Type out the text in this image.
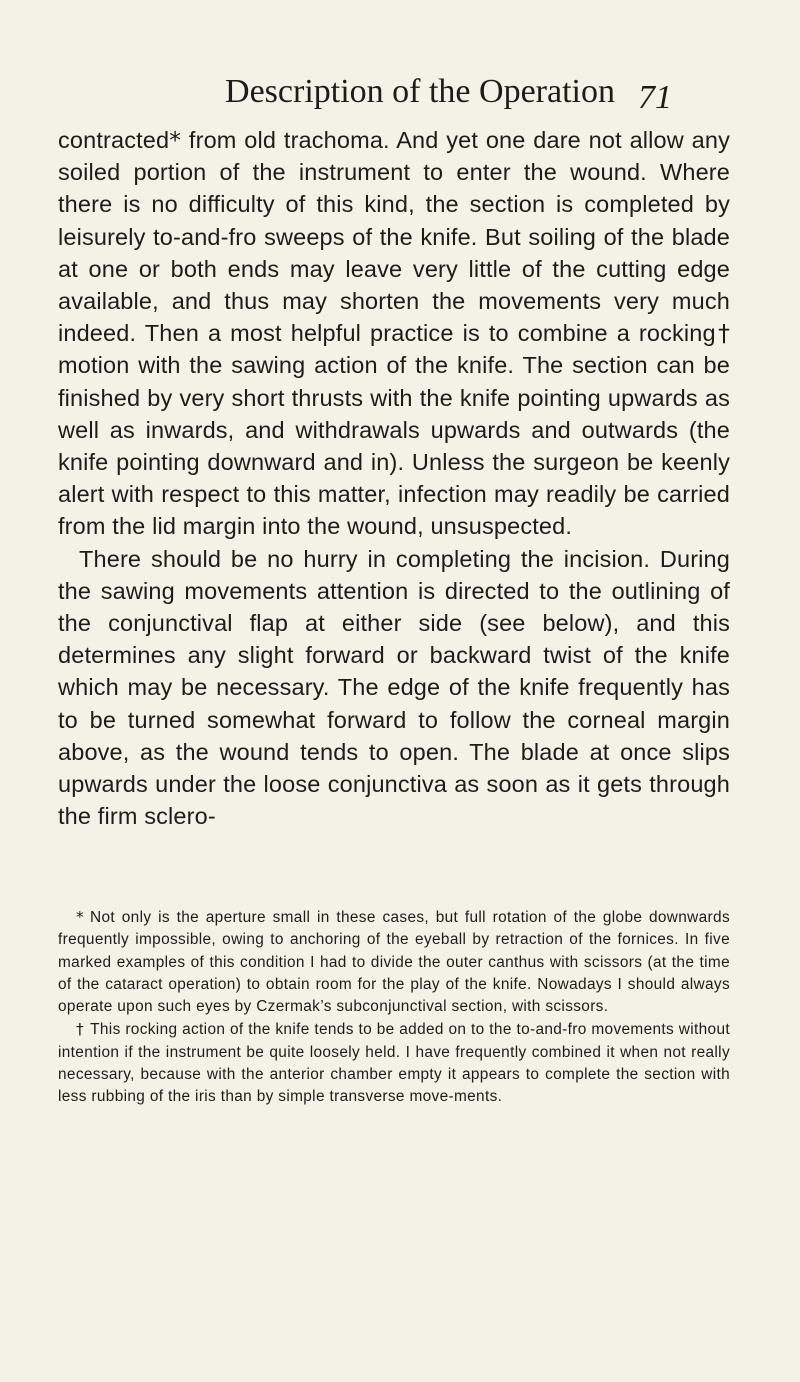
Description of the Operation 71

contracted* from old trachoma. And yet one dare not allow any soiled portion of the instrument to enter the wound. Where there is no difficulty of this kind, the section is completed by leisurely to-and-fro sweeps of the knife. But soiling of the blade at one or both ends may leave very little of the cutting edge available, and thus may shorten the movements very much indeed. Then a most helpful practice is to combine a rocking† motion with the sawing action of the knife. The section can be finished by very short thrusts with the knife pointing upwards as well as inwards, and withdrawals upwards and outwards (the knife pointing downward and in). Unless the surgeon be keenly alert with respect to this matter, infection may readily be carried from the lid margin into the wound, unsuspected.

There should be no hurry in completing the incision. During the sawing movements attention is directed to the outlining of the conjunctival flap at either side (see below), and this determines any slight forward or backward twist of the knife which may be necessary. The edge of the knife frequently has to be turned somewhat forward to follow the corneal margin above, as the wound tends to open. The blade at once slips upwards under the loose conjunctiva as soon as it gets through the firm sclero-

* Not only is the aperture small in these cases, but full rotation of the globe downwards frequently impossible, owing to anchoring of the eyeball by retraction of the fornices. In five marked examples of this condition I had to divide the outer canthus with scissors (at the time of the cataract operation) to obtain room for the play of the knife. Nowadays I should always operate upon such eyes by Czermak’s subconjunctival section, with scissors.

† This rocking action of the knife tends to be added on to the to-and-fro movements without intention if the instrument be quite loosely held. I have frequently combined it when not really necessary, because with the anterior chamber empty it appears to complete the section with less rubbing of the iris than by simple transverse move-ments.
